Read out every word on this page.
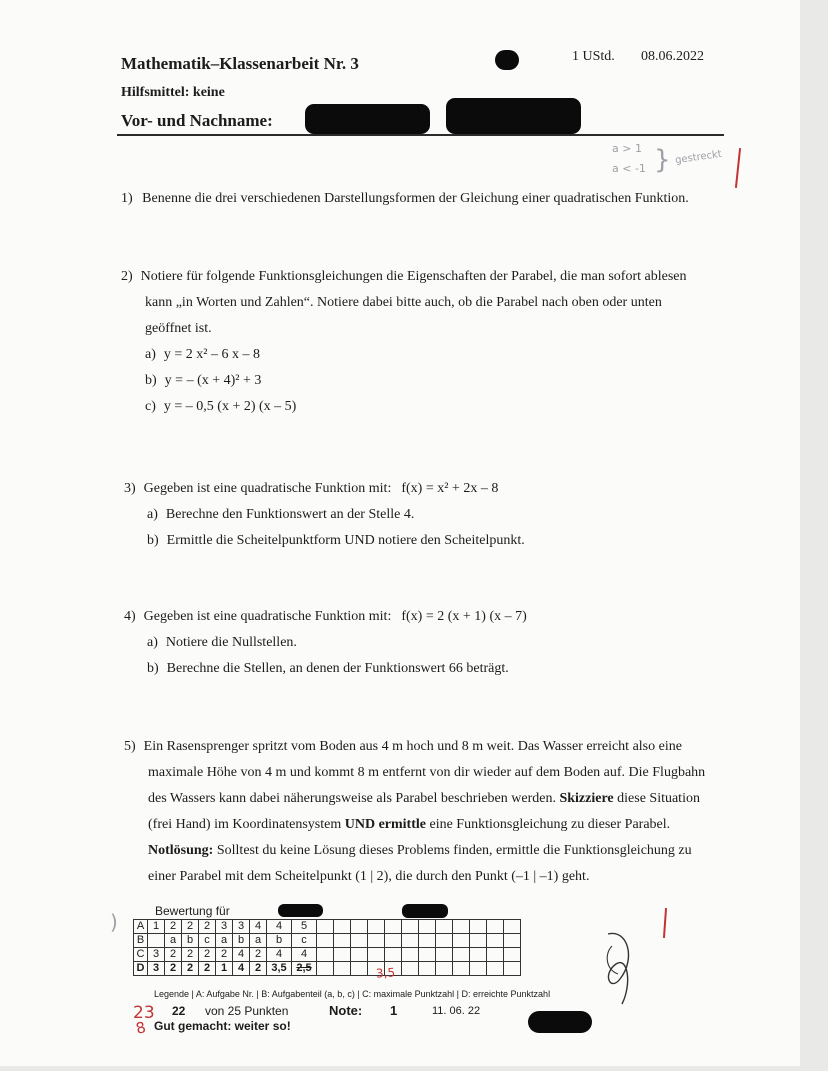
Mathematik–Klassenarbeit Nr. 3	1 UStd. 08.06.2022
Hilfsmittel: keine
Vor- und Nachname:
a > 1
a < -1 } gestreckt
1) Benenne die drei verschiedenen Darstellungsformen der Gleichung einer quadratischen Funktion.
2) Notiere für folgende Funktionsgleichungen die Eigenschaften der Parabel, die man sofort ablesen
kann „in Worten und Zahlen“. Notiere dabei bitte auch, ob die Parabel nach oben oder unten
geöffnet ist.
a) y = 2 x² – 6 x – 8
b) y = – (x + 4)² + 3
c) y = – 0,5 (x + 2) (x – 5)
3) Gegeben ist eine quadratische Funktion mit: f(x) = x² + 2x – 8
a) Berechne den Funktionswert an der Stelle 4.
b) Ermittle die Scheitelpunktform UND notiere den Scheitelpunkt.
4) Gegeben ist eine quadratische Funktion mit: f(x) = 2 (x + 1) (x – 7)
a) Notiere die Nullstellen.
b) Berechne die Stellen, an denen der Funktionswert 66 beträgt.
5) Ein Rasensprenger spritzt vom Boden aus 4 m hoch und 8 m weit. Das Wasser erreicht also eine
maximale Höhe von 4 m und kommt 8 m entfernt von dir wieder auf dem Boden auf. Die Flugbahn
des Wassers kann dabei näherungsweise als Parabel beschrieben werden. Skizziere diese Situation
(frei Hand) im Koordinatensystem UND ermittle eine Funktionsgleichung zu dieser Parabel.
Notlösung: Solltest du keine Lösung dieses Problems finden, ermittle die Funktionsgleichung zu
einer Parabel mit dem Scheitelpunkt (1 | 2), die durch den Punkt (–1 | –1) geht.
Bewertung für
A	1	2	2	2	3	3	4	4	5												
B		a	b	c	a	b	a	b	c												
C	3	2	2	2	2	4	2	4	4												
D	3	2	2	2	1	4	2	3,5	2,5												
Legende | A: Aufgabe Nr. | B: Aufgabenteil (a, b, c) | C: maximale Punktzahl | D: erreichte Punktzahl
3,5
23
8
22 von 25 Punkten	Note: 1	11. 06. 22
Gut gemacht: weiter so!
)
